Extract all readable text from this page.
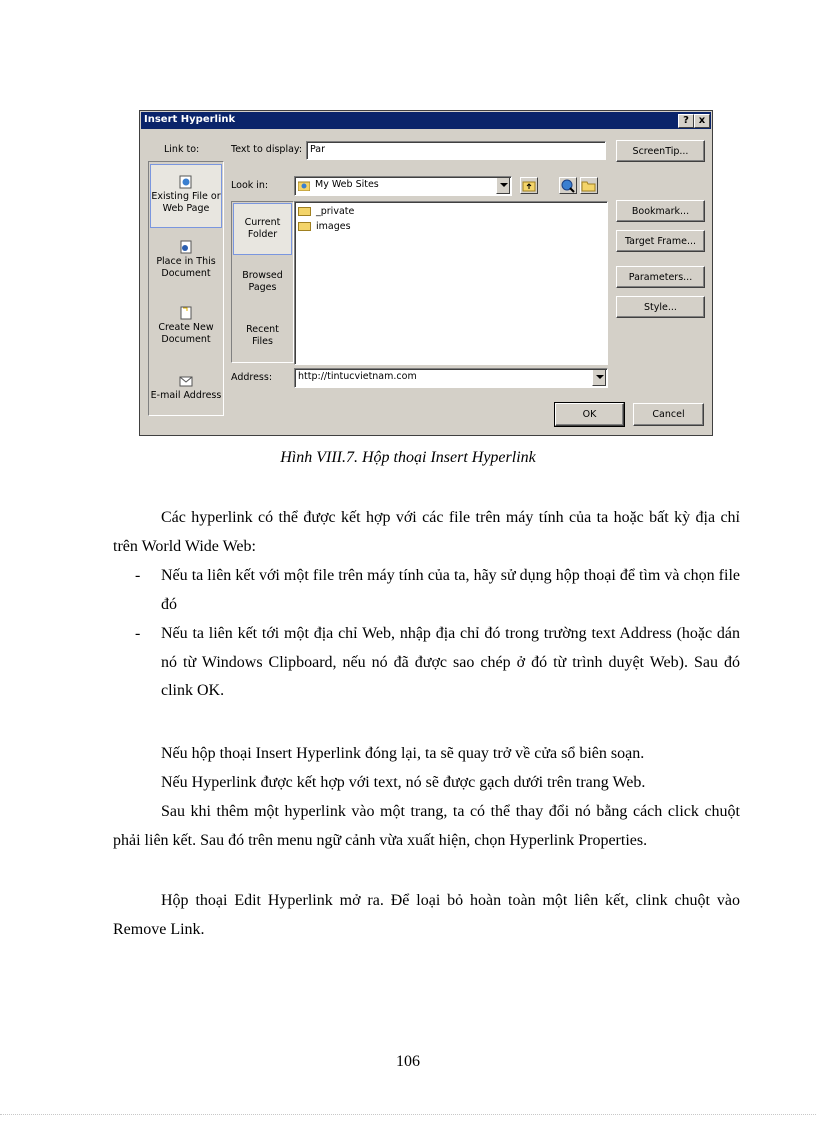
Insert Hyperlink	? x
Link to:
Existing File or
Web Page
Place in This
Document
Create New
Document
E-mail Address
Text to display: Par	ScreenTip...
Look in:	My Web Sites
Current
Folder
Browsed
Pages
Recent
Files
_private
images
Bookmark...
Target Frame...
Parameters...
Style...
Address:	http://tintucvietnam.com
OK	Cancel
Hình VIII.7. Hộp thoại Insert Hyperlink

Các hyperlink có thể được kết hợp với các file trên máy tính của ta hoặc bất kỳ địa chỉ trên World Wide Web:

- Nếu ta liên kết với một file trên máy tính của ta, hãy sử dụng hộp thoại để tìm và chọn file đó
- Nếu ta liên kết tới một địa chỉ Web, nhập địa chỉ đó trong trường text Address (hoặc dán nó từ Windows Clipboard, nếu nó đã được sao chép ở đó từ trình duyệt Web). Sau đó clink OK.

Nếu hộp thoại Insert Hyperlink đóng lại, ta sẽ quay trở về cửa sổ biên soạn.

Nếu Hyperlink được kết hợp với text, nó sẽ được gạch dưới trên trang Web.

Sau khi thêm một hyperlink vào một trang, ta có thể thay đổi nó bằng cách click chuột phải liên kết. Sau đó trên menu ngữ cảnh vừa xuất hiện, chọn Hyperlink Properties.

Hộp thoại Edit Hyperlink mở ra. Để loại bỏ hoàn toàn một liên kết, clink chuột vào Remove Link.

106
